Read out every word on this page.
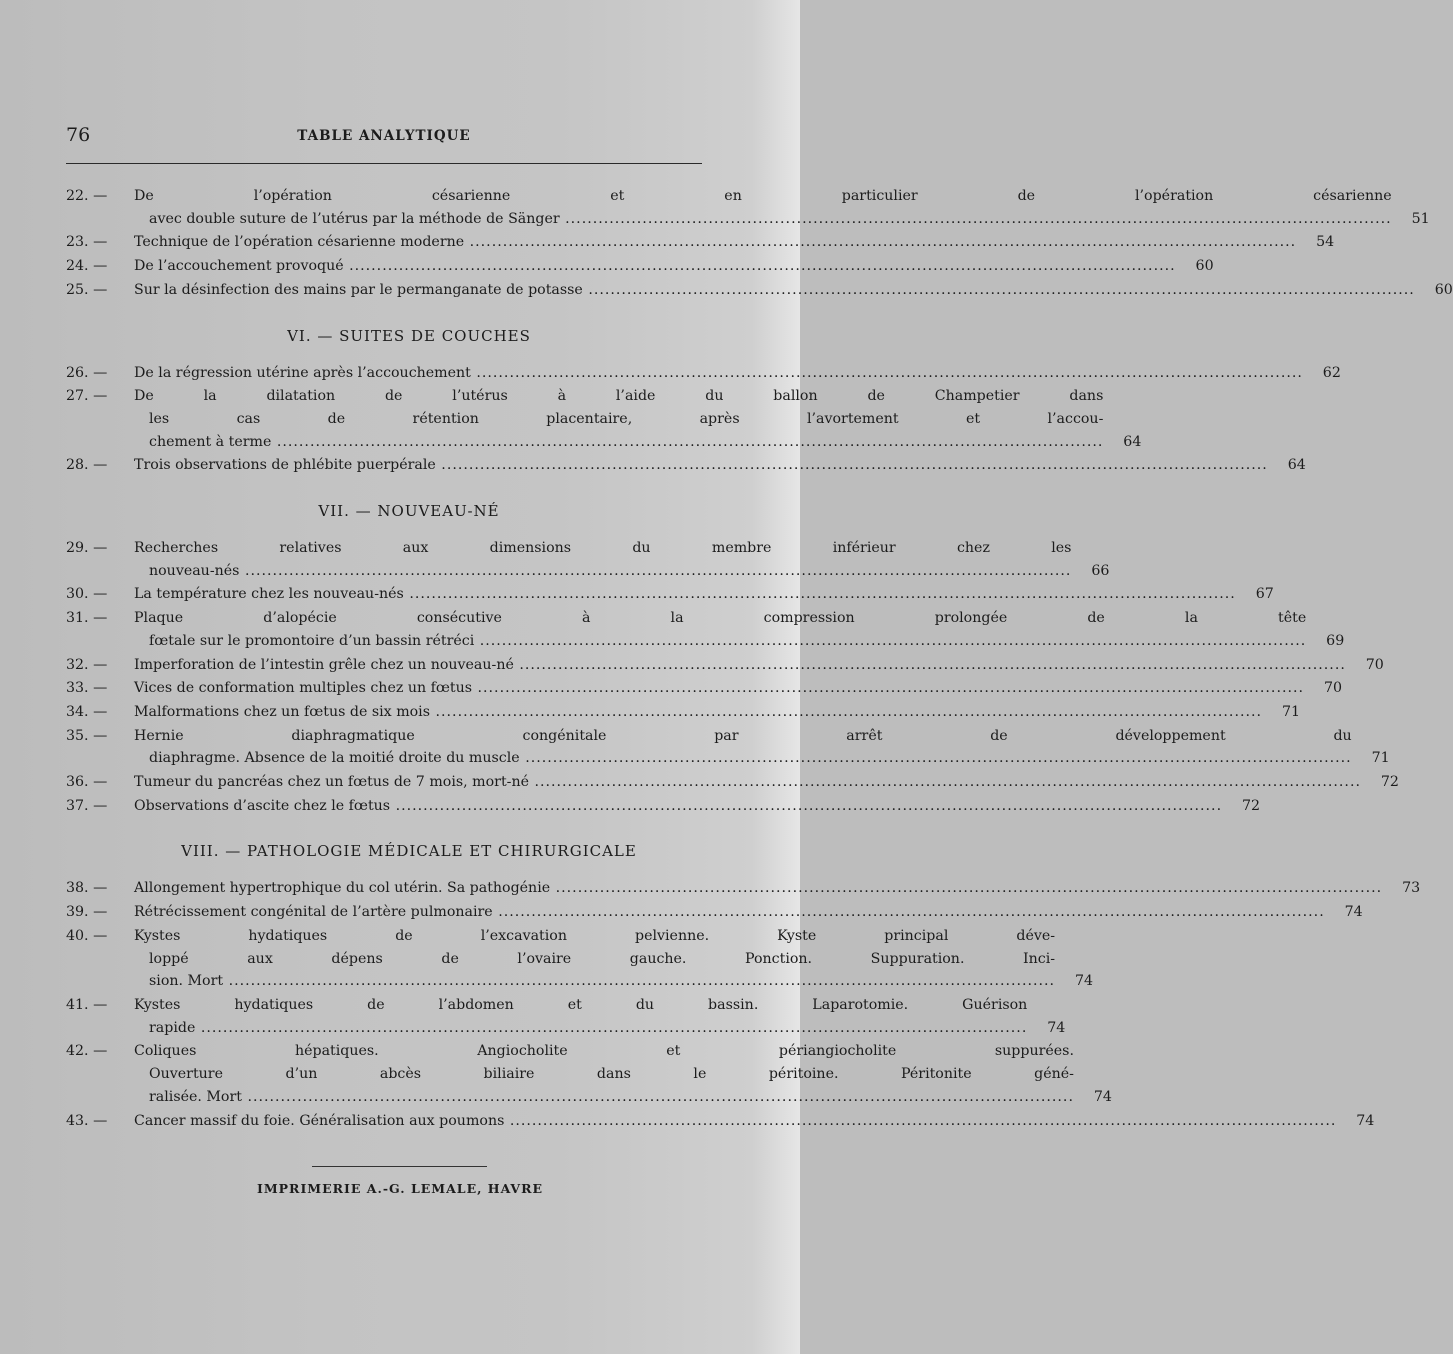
76	TABLE ANALYTIQUE
22. —	De l’opération césarienne et en particulier de l’opération césarienne
avec double suture de l’utérus par la méthode de Sänger .....	51
23. —	Technique de l’opération césarienne moderne .....	54
24. —	De l’accouchement provoqué .....	60
25. —	Sur la désinfection des mains par le permanganate de potasse .....	60
VI. — SUITES DE COUCHES
26. —	De la régression utérine après l’accouchement .....	62
27. —	De la dilatation de l’utérus à l’aide du ballon de Champetier dans
les cas de rétention placentaire, après l’avortement et l’accou-
chement à terme .....	64
28. —	Trois observations de phlébite puerpérale .....	64
VII. — NOUVEAU-NÉ
29. —	Recherches relatives aux dimensions du membre inférieur chez les
nouveau-nés .....	66
30. —	La température chez les nouveau-nés .....	67
31. —	Plaque d’alopécie consécutive à la compression prolongée de la tête
fœtale sur le promontoire d’un bassin rétréci .....	69
32. —	Imperforation de l’intestin grêle chez un nouveau-né .....	70
33. —	Vices de conformation multiples chez un fœtus .....	70
34. —	Malformations chez un fœtus de six mois .....	71
35. —	Hernie diaphragmatique congénitale par arrêt de développement du
diaphragme. Absence de la moitié droite du muscle .....	71
36. —	Tumeur du pancréas chez un fœtus de 7 mois, mort-né .....	72
37. —	Observations d’ascite chez le fœtus .....	72
VIII. — PATHOLOGIE MÉDICALE ET CHIRURGICALE
38. —	Allongement hypertrophique du col utérin. Sa pathogénie .....	73
39. —	Rétrécissement congénital de l’artère pulmonaire .....	74
40. —	Kystes hydatiques de l’excavation pelvienne. Kyste principal déve-
loppé aux dépens de l’ovaire gauche. Ponction. Suppuration. Inci-
sion. Mort .....	74
41. —	Kystes hydatiques de l’abdomen et du bassin. Laparotomie. Guérison
rapide .....	74
42. —	Coliques hépatiques. Angiocholite et périangiocholite suppurées.
Ouverture d’un abcès biliaire dans le péritoine. Péritonite géné-
ralisée. Mort .....	74
43. —	Cancer massif du foie. Généralisation aux poumons .....	74
IMPRIMERIE A.-G. LEMALE, HAVRE
